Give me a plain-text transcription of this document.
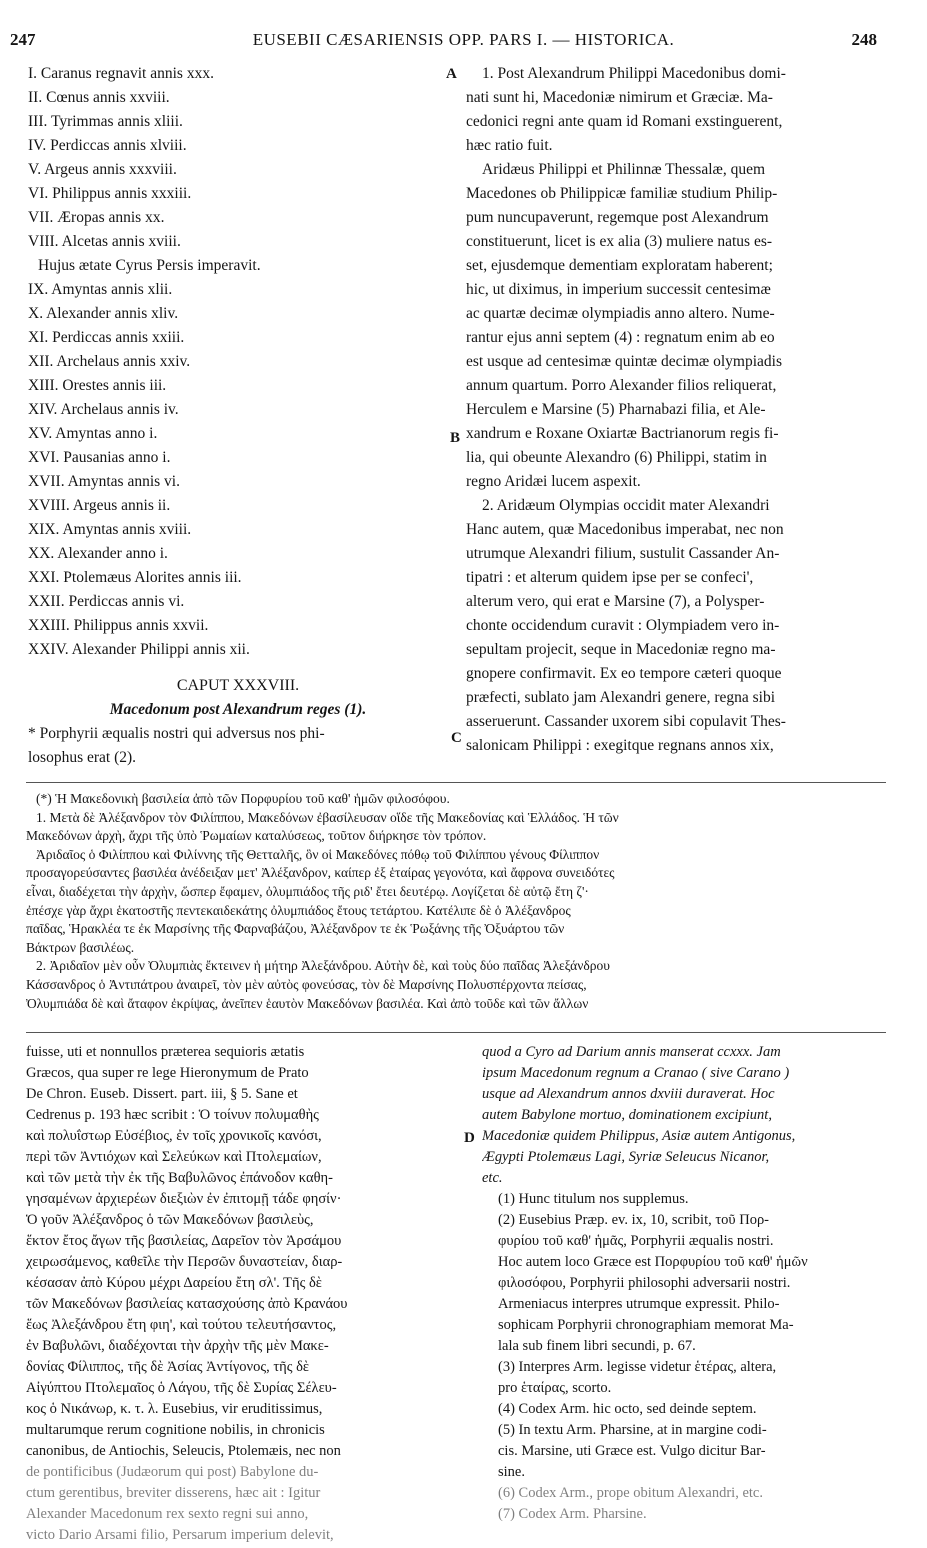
247	EUSEBII CÆSARIENSIS OPP. PARS I. — HISTORICA.	248
I. Caranus regnavit annis xxx.
II. Cœnus annis xxviii.
III. Tyrimmas annis xliii.
IV. Perdiccas annis xlviii.
V. Argeus annis xxxviii.
VI. Philippus annis xxxiii.
VII. Æropas annis xx.
VIII. Alcetas annis xviii.
Hujus ætate Cyrus Persis imperavit.
IX. Amyntas annis xlii.
X. Alexander annis xliv.
XI. Perdiccas annis xxiii.
XII. Archelaus annis xxiv.
XIII. Orestes annis iii.
XIV. Archelaus annis iv.
XV. Amyntas anno i.
XVI. Pausanias anno i.
XVII. Amyntas annis vi.
XVIII. Argeus annis ii.
XIX. Amyntas annis xviii.
XX. Alexander anno i.
XXI. Ptolemæus Alorites annis iii.
XXII. Perdiccas annis vi.
XXIII. Philippus annis xxvii.
XXIV. Alexander Philippi annis xii.
CAPUT XXXVIII.
Macedonum post Alexandrum reges (1).
* Porphyrii æqualis nostri qui adversus nos phi-
losophus erat (2).
A
B
C
D
1. Post Alexandrum Philippi Macedonibus domi-
nati sunt hi, Macedoniæ nimirum et Græciæ. Ma-
cedonici regni ante quam id Romani exstinguerent,
hæc ratio fuit.
Aridæus Philippi et Philinnæ Thessalæ, quem
Macedones ob Philippicæ familiæ studium Philip-
pum nuncupaverunt, regemque post Alexandrum
constituerunt, licet is ex alia (3) muliere natus es-
set, ejusdemque dementiam exploratam haberent;
hic, ut diximus, in imperium successit centesimæ
ac quartæ decimæ olympiadis anno altero. Nume-
rantur ejus anni septem (4) : regnatum enim ab eo
est usque ad centesimæ quintæ decimæ olympiadis
annum quartum. Porro Alexander filios reliquerat,
Herculem e Marsine (5) Pharnabazi filia, et Ale-
xandrum e Roxane Oxiartæ Bactrianorum regis fi-
lia, qui obeunte Alexandro (6) Philippi, statim in
regno Aridæi lucem aspexit.
2. Aridæum Olympias occidit mater Alexandri
Hanc autem, quæ Macedonibus imperabat, nec non
utrumque Alexandri filium, sustulit Cassander An-
tipatri : et alterum quidem ipse per se confeci',
alterum vero, qui erat e Marsine (7), a Polysper-
chonte occidendum curavit : Olympiadem vero in-
sepultam projecit, seque in Macedoniæ regno ma-
gnopere confirmavit. Ex eo tempore cæteri quoque
præfecti, sublato jam Alexandri genere, regna sibi
asseruerunt. Cassander uxorem sibi copulavit Thes-
salonicam Philippi : exegitque regnans annos xix,
(*) Ἡ Μακεδονικὴ βασιλεία ἀπὸ τῶν Πορφυρίου τοῦ καθ' ἡμῶν φιλοσόφου.
1. Μετὰ δὲ Ἀλέξανδρον τὸν Φιλίππου, Μακεδόνων ἐβασίλευσαν οἵδε τῆς Μακεδονίας καὶ Ἑλλάδος. Ἡ τῶν
Μακεδόνων ἀρχὴ, ἄχρι τῆς ὑπὸ Ῥωμαίων καταλύσεως, τοῦτον διήρκησε τὸν τρόπον.
Ἀριδαῖος ὁ Φιλίππου καὶ Φιλίννης τῆς Θετταλῆς, ὃν οἱ Μακεδόνες πόθῳ τοῦ Φιλίππου γένους Φίλιππον
προσαγορεύσαντες βασιλέα ἀνέδειξαν μετ' Ἀλέξανδρον, καίπερ ἐξ ἑταίρας γεγονότα, καὶ ἄφρονα συνειδότες
εἶναι, διαδέχεται τὴν ἀρχὴν, ὥσπερ ἔφαμεν, ὀλυμπιάδος τῆς ριδ' ἔτει δευτέρῳ. Λογίζεται δὲ αὐτῷ ἔτη ζ'·
ἐπέσχε γὰρ ἄχρι ἑκατοστῆς πεντεκαιδεκάτης ὀλυμπιάδος ἔτους τετάρτου. Κατέλιπε δὲ ὁ Ἀλέξανδρος
παῖδας, Ἡρακλέα τε ἐκ Μαρσίνης τῆς Φαρναβάζου, Ἀλέξανδρον τε ἐκ Ῥωξάνης τῆς Ὀξυάρτου τῶν
Βάκτρων βασιλέως.
2. Ἀριδαῖον μὲν οὖν Ὀλυμπιὰς ἔκτεινεν ἡ μήτηρ Ἀλεξάνδρου. Αὐτὴν δὲ, καὶ τοὺς δύο παῖδας Ἀλεξάνδρου
Κάσσανδρος ὁ Ἀντιπάτρου ἀναιρεῖ, τὸν μὲν αὐτὸς φονεύσας, τὸν δὲ Μαρσίνης Πολυσπέρχοντα πείσας,
Ὀλυμπιάδα δὲ καὶ ἄταφον ἐκρίψας, ἀνεῖπεν ἑαυτὸν Μακεδόνων βασιλέα. Καὶ ἀπὸ τοῦδε καὶ τῶν ἄλλων
fuisse, uti et nonnullos præterea sequioris ætatis
Græcos, qua super re lege Hieronymum de Prato
De Chron. Euseb. Dissert. part. iii, § 5. Sane et
Cedrenus p. 193 hæc scribit : Ὁ τοίνυν πολυμαθὴς
καὶ πολυΐστωρ Εὐσέβιος, ἐν τοῖς χρονικοῖς κανόσι,
περὶ τῶν Ἀντιόχων καὶ Σελεύκων καὶ Πτολεμαίων,
καὶ τῶν μετὰ τὴν ἐκ τῆς Βαβυλῶνος ἐπάνοδον καθη-
γησαμένων ἀρχιερέων διεξιὼν ἐν ἐπιτομῇ τάδε φησίν·
Ὁ γοῦν Ἀλέξανδρος ὁ τῶν Μακεδόνων βασιλεὺς,
ἕκτον ἔτος ἄγων τῆς βασιλείας, Δαρεῖον τὸν Ἀρσάμου
χειρωσάμενος, καθεῖλε τὴν Περσῶν δυναστείαν, διαρ-
κέσασαν ἀπὸ Κύρου μέχρι Δαρείου ἔτη σλ'. Τῆς δὲ
τῶν Μακεδόνων βασιλείας κατασχούσης ἀπὸ Κρανάου
ἕως Ἀλεξάνδρου ἔτη φιη', καὶ τούτου τελευτήσαντος,
ἐν Βαβυλῶνι, διαδέχονται τὴν ἀρχὴν τῆς μὲν Μακε-
δονίας Φίλιππος, τῆς δὲ Ἀσίας Ἀντίγονος, τῆς δὲ
Αἰγύπτου Πτολεμαῖος ὁ Λάγου, τῆς δὲ Συρίας Σέλευ-
κος ὁ Νικάνωρ, κ. τ. λ. Eusebius, vir eruditissimus,
multarumque rerum cognitione nobilis, in chronicis
canonibus, de Antiochis, Seleucis, Ptolemæis, nec non
de pontificibus (Judæorum qui post) Babylone du-
ctum gerentibus, breviter disserens, hæc ait : Igitur
Alexander Macedonum rex sexto regni sui anno,
victo Dario Arsami filio, Persarum imperium delevit,
quod a Cyro ad Darium annis manserat ccxxx. Jam
ipsum Macedonum regnum a Cranao ( sive Carano )
usque ad Alexandrum annos dxviii duraverat. Hoc
autem Babylone mortuo, dominationem excipiunt,
Macedoniæ quidem Philippus, Asiæ autem Antigonus,
Ægypti Ptolemæus Lagi, Syriæ Seleucus Nicanor,
etc.
(1) Hunc titulum nos supplemus.
(2) Eusebius Præp. ev. ix, 10, scribit, τοῦ Πορ-
φυρίου τοῦ καθ' ἡμᾶς, Porphyrii æqualis nostri.
Hoc autem loco Græce est Πορφυρίου τοῦ καθ' ἡμῶν
φιλοσόφου, Porphyrii philosophi adversarii nostri.
Armeniacus interpres utrumque expressit. Philo-
sophicam Porphyrii chronographiam memorat Ma-
lala sub finem libri secundi, p. 67.
(3) Interpres Arm. legisse videtur ἑτέρας, altera,
pro ἑταίρας, scorto.
(4) Codex Arm. hic octo, sed deinde septem.
(5) In textu Arm. Pharsine, at in margine codi-
cis. Marsine, uti Græce est. Vulgo dicitur Bar-
sine.
(6) Codex Arm., prope obitum Alexandri, etc.
(7) Codex Arm. Pharsine.
